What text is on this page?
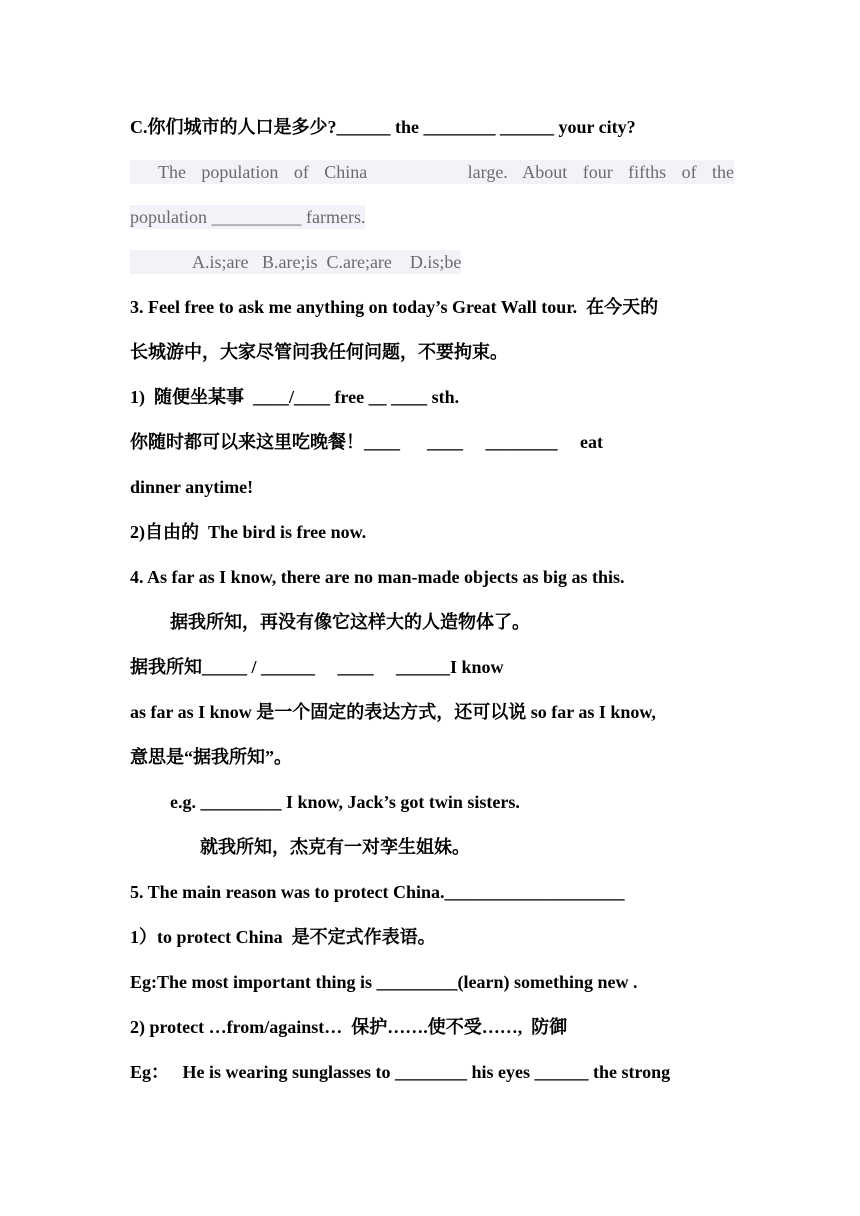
C.你们城市的人口是多少?______ the ________ ______ your city?
The  population  of  China             large.  About  four  fifths  of  the
population __________ farmers.
A.is;are   B.are;is  C.are;are    D.is;be
3. Feel free to ask me anything on today’s Great Wall tour.  在今天的
长城游中，大家尽管问我任何问题，不要拘束。
1)  随便坐某事  ____/____ free __ ____ sth.
你随时都可以来这里吃晚餐！____      ____     ________     eat
dinner anytime!
2)自由的  The bird is free now.
4. As far as I know, there are no man-made objects as big as this.
据我所知，再没有像它这样大的人造物体了。
据我所知_____ / ______     ____     ______I know
as far as I know 是一个固定的表达方式，还可以说 so far as I know,
意思是“据我所知”。
e.g. _________ I know, Jack’s got twin sisters.
就我所知，杰克有一对孪生姐妹。
5. The main reason was to protect China.____________________
1）to protect China  是不定式作表语。
Eg:The most important thing is _________(learn) something new .
2) protect …from/against…  保护…….使不受……,  防御
Eg：   He is wearing sunglasses to ________ his eyes ______ the strong
